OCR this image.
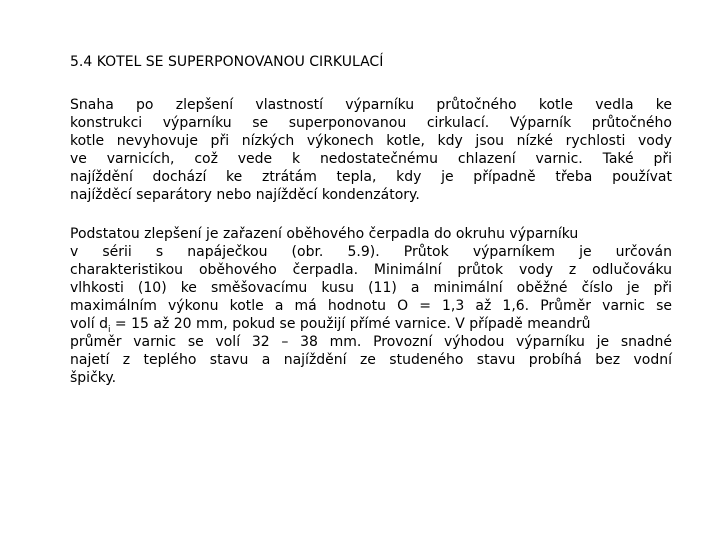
5.4 KOTEL SE SUPERPONOVANOU CIRKULACÍ
Snaha po zlepšení vlastností výparníku průtočného kotle vedla ke
konstrukci výparníku se superponovanou cirkulací. Výparník průtočného
kotle nevyhovuje při nízkých výkonech kotle, kdy jsou nízké rychlosti vody
ve varnicích, což vede k nedostatečnému chlazení varnic. Také při
najíždění dochází ke ztrátám tepla, kdy je případně třeba používat
najížděcí separátory nebo najížděcí kondenzátory.
Podstatou zlepšení je zařazení oběhového čerpadla do okruhu výparníku
v sérii s napáječkou (obr. 5.9). Průtok výparníkem je určován
charakteristikou oběhového čerpadla. Minimální průtok vody z odlučováku
vlhkosti (10) ke směšovacímu kusu (11) a minimální oběžné číslo je při
maximálním výkonu kotle a má hodnotu O = 1,3 až 1,6. Průměr varnic se
volí $d_i = 15$ až 20 mm, pokud se použijí přímé varnice. V případě meandrů
průměr varnic se volí 32 – 38 mm. Provozní výhodou výparníku je snadné
najetí z teplého stavu a najíždění ze studeného stavu probíhá bez vodní
špičky.
